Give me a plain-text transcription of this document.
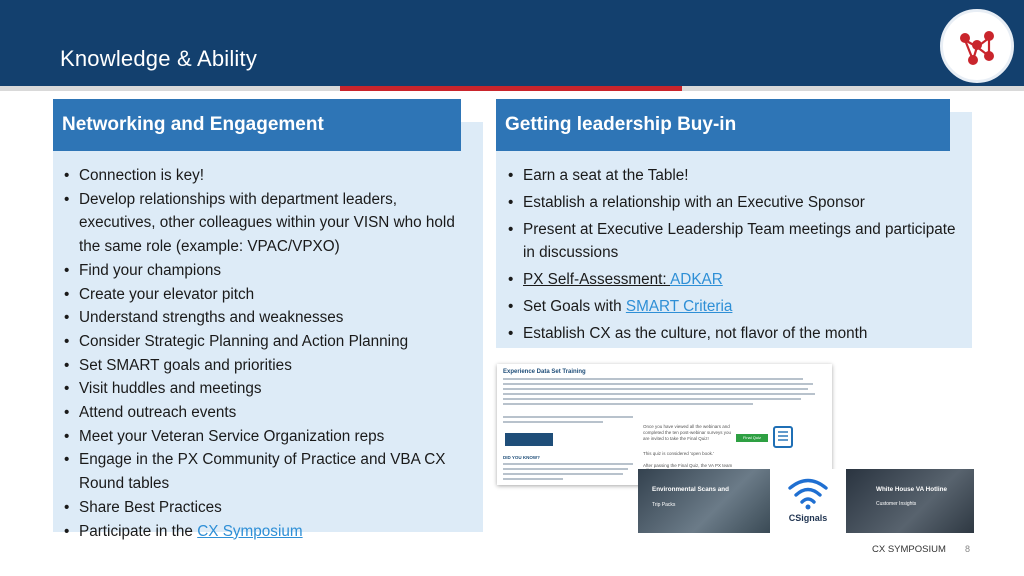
Knowledge & Ability
Networking and Engagement
• Connection is key!
• Develop relationships with department leaders, executives, other colleagues within your VISN who hold the same role (example: VPAC/VPXO)
• Find your champions
• Create your elevator pitch
• Understand strengths and weaknesses
• Consider Strategic Planning and Action Planning
• Set SMART goals and priorities
• Visit huddles and meetings
• Attend outreach events
• Meet your Veteran Service Organization reps
• Engage in the PX Community of Practice and VBA CX Round tables
• Share Best Practices
• Participate in the CX Symposium
Getting leadership Buy-in
• Earn a seat at the Table!
• Establish a relationship with an Executive Sponsor
• Present at Executive Leadership Team meetings and participate in discussions
• PX Self-Assessment: ADKAR
• Set Goals with SMART Criteria
• Establish CX as the culture, not flavor of the month
Experience Data Set Training
DID YOU KNOW?
Once you have viewed all the webinars and completed the ten post-webinar surveys you are invited to take the Final Quiz!
This quiz is considered 'open book.'
After passing the Final Quiz, the VA PX team
Final Quiz
Environmental Scans and
Trip Packs
CSignals
White House VA Hotline
Customer Insights
CX SYMPOSIUM 8
